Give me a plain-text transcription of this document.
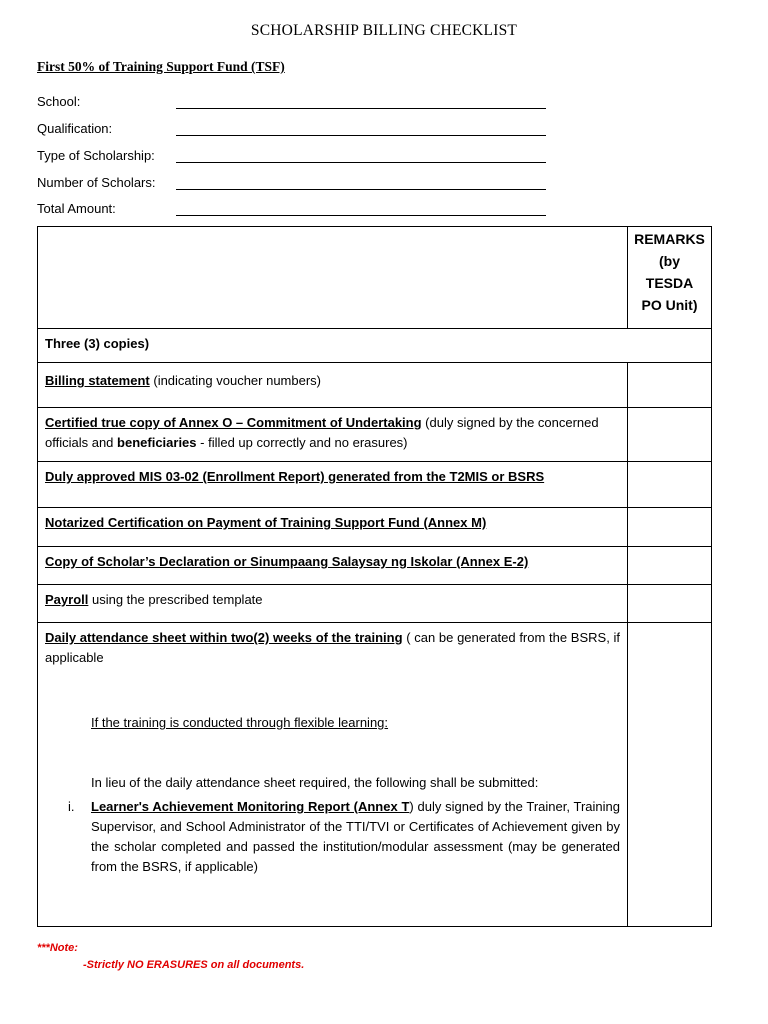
SCHOLARSHIP BILLING CHECKLIST
First 50% of Training Support Fund (TSF)
School:
Qualification:
Type of Scholarship:
Number of Scholars:
Total Amount:

	REMARKS
(by
TESDA
PO Unit)

Three (3) copies)	
Billing statement (indicating voucher numbers)	
Certified true copy of Annex O – Commitment of Undertaking (duly signed by the concerned officials and beneficiaries - filled up correctly and no erasures)	
Duly approved MIS 03-02 (Enrollment Report) generated from the T2MIS or BSRS	
Notarized Certification on Payment of Training Support Fund (Annex M)	
Copy of Scholar’s Declaration or Sinumpaang Salaysay ng Iskolar (Annex E-2)	
Payroll using the prescribed template	

Daily attendance sheet within two(2) weeks of the training ( can be generated from the BSRS, if applicable
If the training is conducted through flexible learning:
In lieu of the daily attendance sheet required, the following shall be submitted:
i. Learner's Achievement Monitoring Report (Annex T) duly signed by the Trainer, Training Supervisor, and School Administrator of the TTI/TVI or Certificates of Achievement given by the scholar completed and passed the institution/modular assessment (may be generated from the BSRS, if applicable)	

***Note:
-Strictly NO ERASURES on all documents.
